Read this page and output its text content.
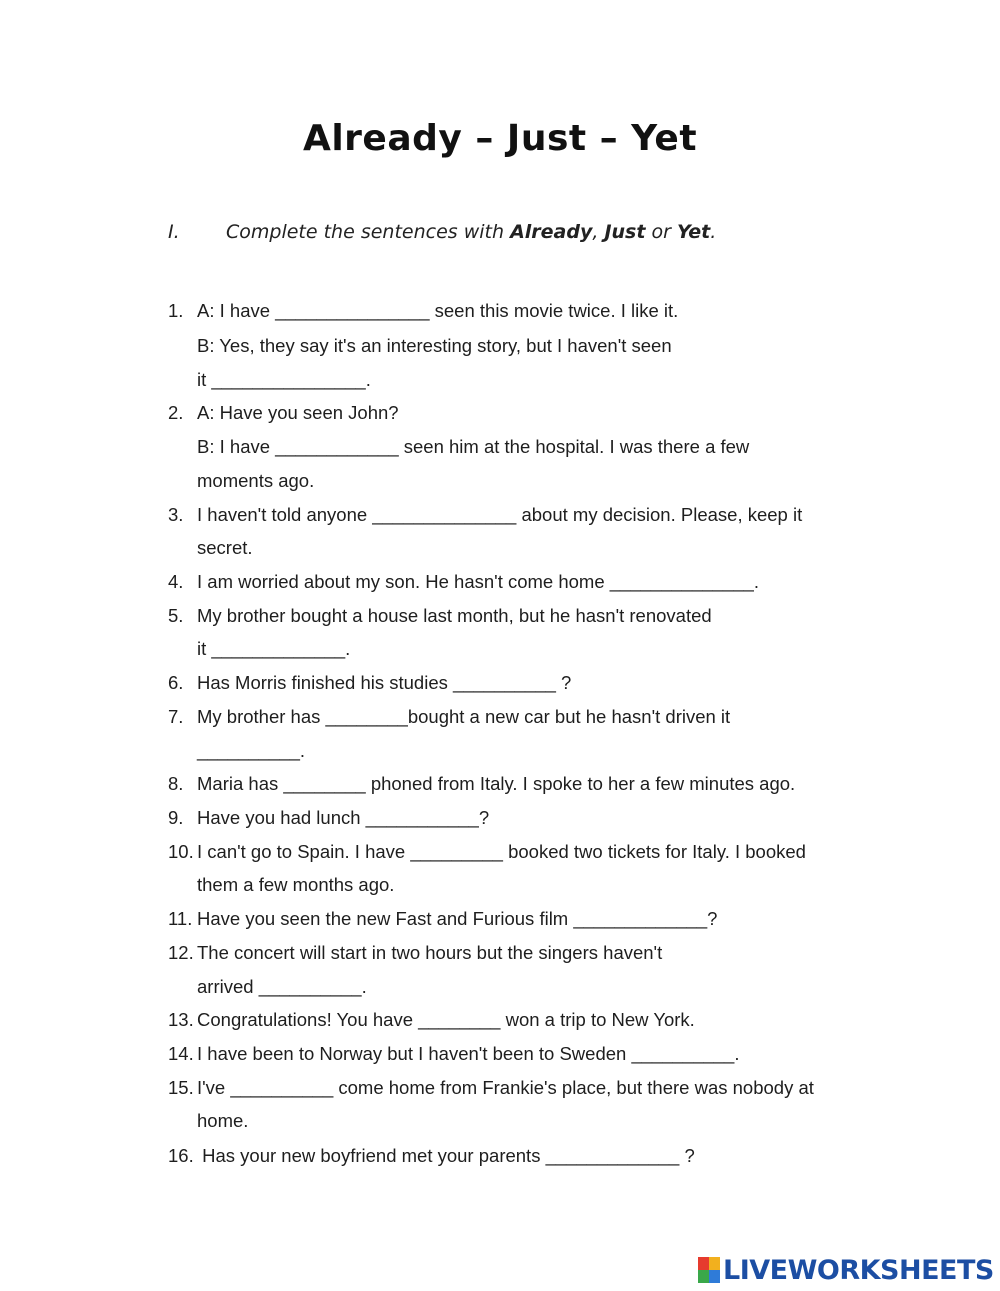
Already – Just – Yet
I. Complete the sentences with Already, Just or Yet.
1. A: I have _______________ seen this movie twice. I like it.
B: Yes, they say it's an interesting story, but I haven't seen
it _______________.
2. A: Have you seen John?
B: I have ____________ seen him at the hospital. I was there a few
moments ago.
3. I haven't told anyone ______________ about my decision. Please, keep it
secret.
4. I am worried about my son. He hasn't come home ______________.
5. My brother bought a house last month, but he hasn't renovated
it _____________.
6. Has Morris finished his studies __________ ?
7. My brother has ________bought a new car but he hasn't driven it
__________.
8. Maria has ________ phoned from Italy. I spoke to her a few minutes ago.
9. Have you had lunch ___________?
10. I can't go to Spain. I have _________ booked two tickets for Italy. I booked
them a few months ago.
11. Have you seen the new Fast and Furious film _____________?
12. The concert will start in two hours but the singers haven't
arrived __________.
13. Congratulations! You have ________ won a trip to New York.
14. I have been to Norway but I haven't been to Sweden __________.
15. I've __________ come home from Frankie's place, but there was nobody at
home.
16. Has your new boyfriend met your parents _____________ ?
LIVEWORKSHEETS
